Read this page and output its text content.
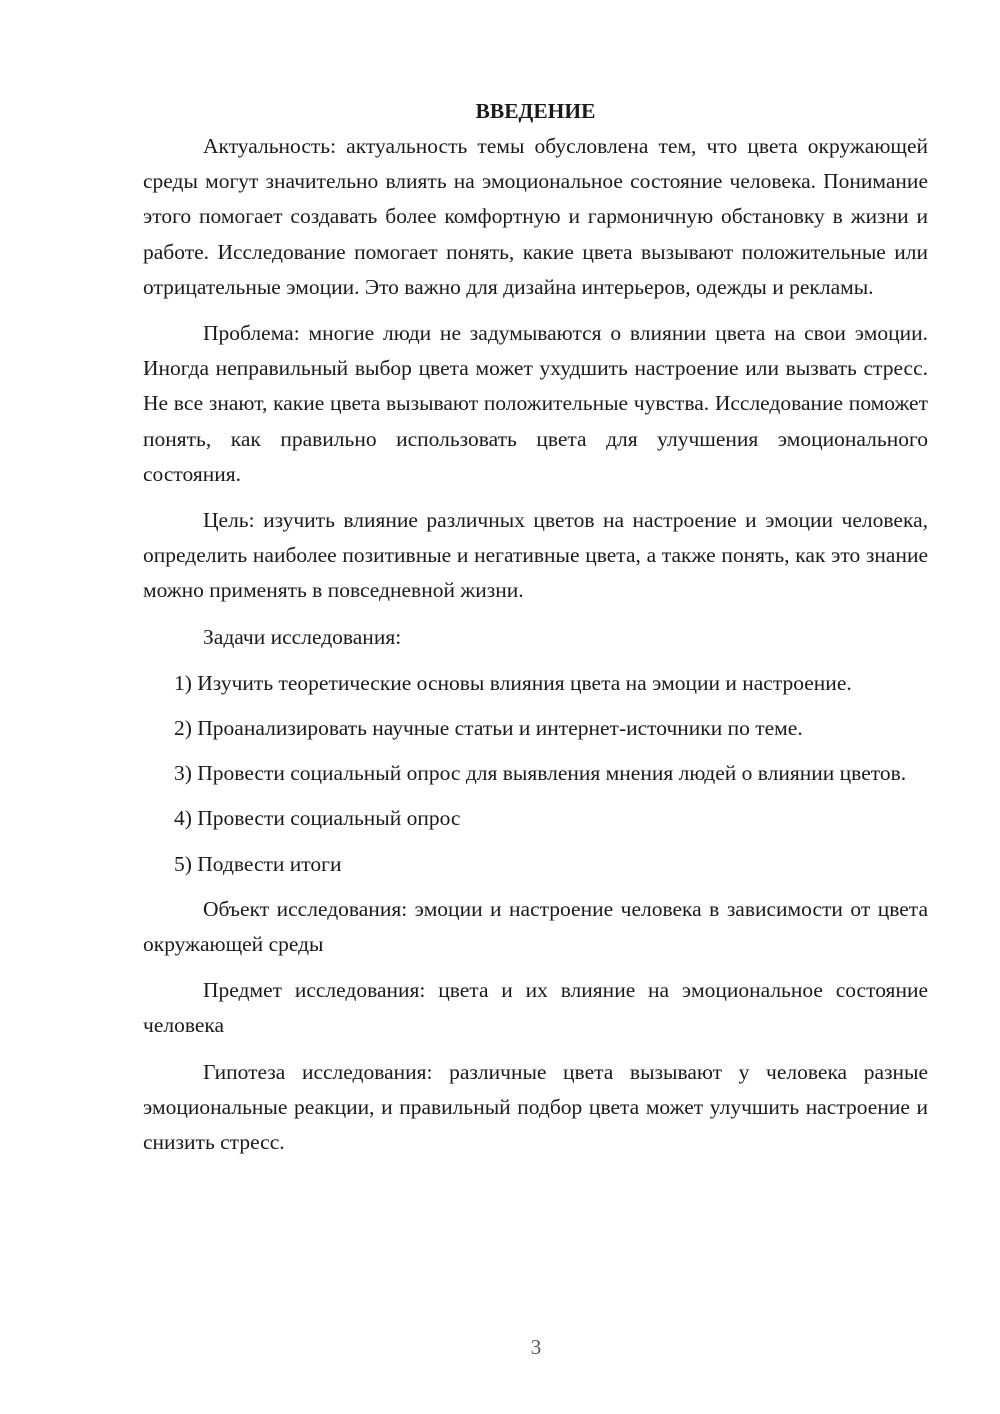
ВВЕДЕНИЕ

Актуальность: актуальность темы обусловлена тем, что цвета окружающей среды могут значительно влиять на эмоциональное состояние человека. Понимание этого помогает создавать более комфортную и гармоничную обстановку в жизни и работе. Исследование помогает понять, какие цвета вызывают положительные или отрицательные эмоции. Это важно для дизайна интерьеров, одежды и рекламы.

Проблема: многие люди не задумываются о влиянии цвета на свои эмоции. Иногда неправильный выбор цвета может ухудшить настроение или вызвать стресс. Не все знают, какие цвета вызывают положительные чувства. Исследование поможет понять, как правильно использовать цвета для улучшения эмоционального состояния.

Цель: изучить влияние различных цветов на настроение и эмоции человека, определить наиболее позитивные и негативные цвета, а также понять, как это знание можно применять в повседневной жизни.

Задачи исследования:

1) Изучить теоретические основы влияния цвета на эмоции и настроение.

2) Проанализировать научные статьи и интернет-источники по теме.

3) Провести социальный опрос для выявления мнения людей о влиянии цветов.

4) Провести социальный опрос

5) Подвести итоги

Объект исследования: эмоции и настроение человека в зависимости от цвета окружающей среды

Предмет исследования: цвета и их влияние на эмоциональное состояние человека

Гипотеза исследования: различные цвета вызывают у человека разные эмоциональные реакции, и правильный подбор цвета может улучшить настроение и снизить стресс.

3
